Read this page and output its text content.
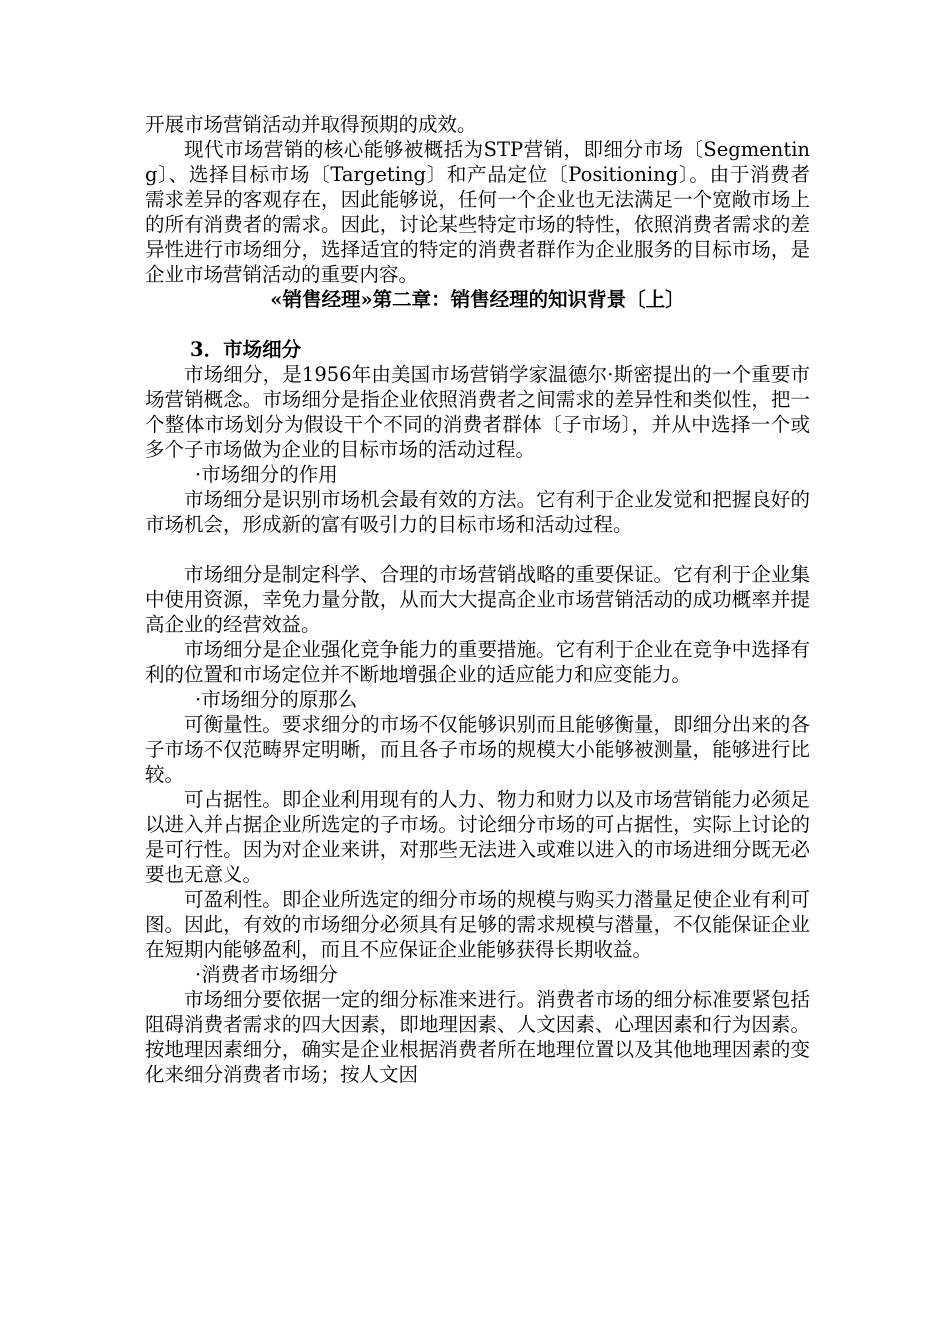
开展市场营销活动并取得预期的成效。

现代市场营销的核心能够被概括为STP营销，即细分市场〔Segmenting〕、选择目标市场〔Targeting〕和产品定位〔Positioning〕。由于消费者需求差异的客观存在，因此能够说，任何一个企业也无法满足一个宽敞市场上的所有消费者的需求。因此，讨论某些特定市场的特性，依照消费者需求的差异性进行市场细分，选择适宜的特定的消费者群作为企业服务的目标市场，是企业市场营销活动的重要内容。

«销售经理»第二章：销售经理的知识背景〔上〕

3．市场细分

市场细分，是1956年由美国市场营销学家温德尔·斯密提出的一个重要市场营销概念。市场细分是指企业依照消费者之间需求的差异性和类似性，把一个整体市场划分为假设干个不同的消费者群体〔子市场〕，并从中选择一个或多个子市场做为企业的目标市场的活动过程。

·市场细分的作用

市场细分是识别市场机会最有效的方法。它有利于企业发觉和把握良好的市场机会，形成新的富有吸引力的目标市场和活动过程。

市场细分是制定科学、合理的市场营销战略的重要保证。它有利于企业集中使用资源，幸免力量分散，从而大大提高企业市场营销活动的成功概率并提高企业的经营效益。

市场细分是企业强化竞争能力的重要措施。它有利于企业在竞争中选择有利的位置和市场定位并不断地增强企业的适应能力和应变能力。

·市场细分的原那么

可衡量性。要求细分的市场不仅能够识别而且能够衡量，即细分出来的各子市场不仅范畴界定明晰，而且各子市场的规模大小能够被测量，能够进行比较。

可占据性。即企业利用现有的人力、物力和财力以及市场营销能力必须足以进入并占据企业所选定的子市场。讨论细分市场的可占据性，实际上讨论的是可行性。因为对企业来讲，对那些无法进入或难以进入的市场进细分既无必要也无意义。

可盈利性。即企业所选定的细分市场的规模与购买力潜量足使企业有利可图。因此，有效的市场细分必须具有足够的需求规模与潜量，不仅能保证企业在短期内能够盈利，而且不应保证企业能够获得长期收益。

·消费者市场细分

市场细分要依据一定的细分标准来进行。消费者市场的细分标准要紧包括阻碍消费者需求的四大因素，即地理因素、人文因素、心理因素和行为因素。按地理因素细分，确实是企业根据消费者所在地理位置以及其他地理因素的变化来细分消费者市场；按人文因
